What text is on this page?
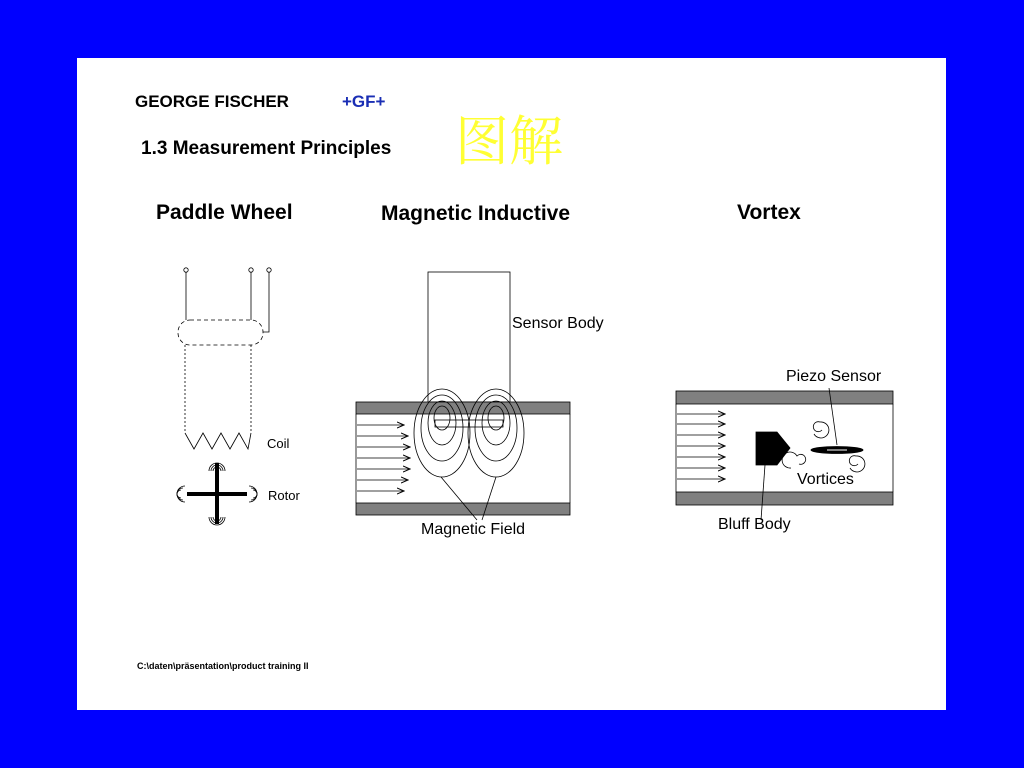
GEORGE FISCHER	+GF+
1.3 Measurement Principles 图解
Paddle Wheel	Magnetic Inductive	Vortex
Coil
Rotor
Sensor Body
Magnetic Field
Piezo Sensor
Vortices
Bluff Body
C:\daten\präsentation\product training II
